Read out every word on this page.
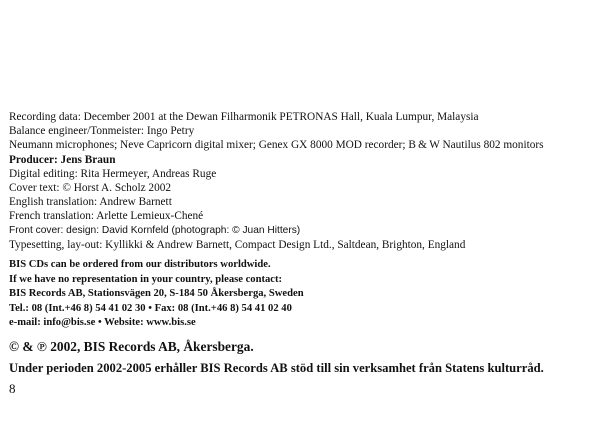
Recording data: December 2001 at the Dewan Filharmonik PETRONAS Hall, Kuala Lumpur, Malaysia
Balance engineer/Tonmeister: Ingo Petry
Neumann microphones; Neve Capricorn digital mixer; Genex GX 8000 MOD recorder; B & W Nautilus 802 monitors
Producer: Jens Braun
Digital editing: Rita Hermeyer, Andreas Ruge
Cover text: © Horst A. Scholz 2002
English translation: Andrew Barnett
French translation: Arlette Lemieux-Chené
Front cover: design: David Kornfeld (photograph: © Juan Hitters)
Typesetting, lay-out: Kyllikki & Andrew Barnett, Compact Design Ltd., Saltdean, Brighton, England
BIS CDs can be ordered from our distributors worldwide.
If we have no representation in your country, please contact:
BIS Records AB, Stationsvägen 20, S-184 50 Åkersberga, Sweden
Tel.: 08 (Int.+46 8) 54 41 02 30 • Fax: 08 (Int.+46 8) 54 41 02 40
e-mail: info@bis.se • Website: www.bis.se
© & ℗ 2002, BIS Records AB, Åkersberga.
Under perioden 2002-2005 erhåller BIS Records AB stöd till sin verksamhet från Statens kulturråd.
8
